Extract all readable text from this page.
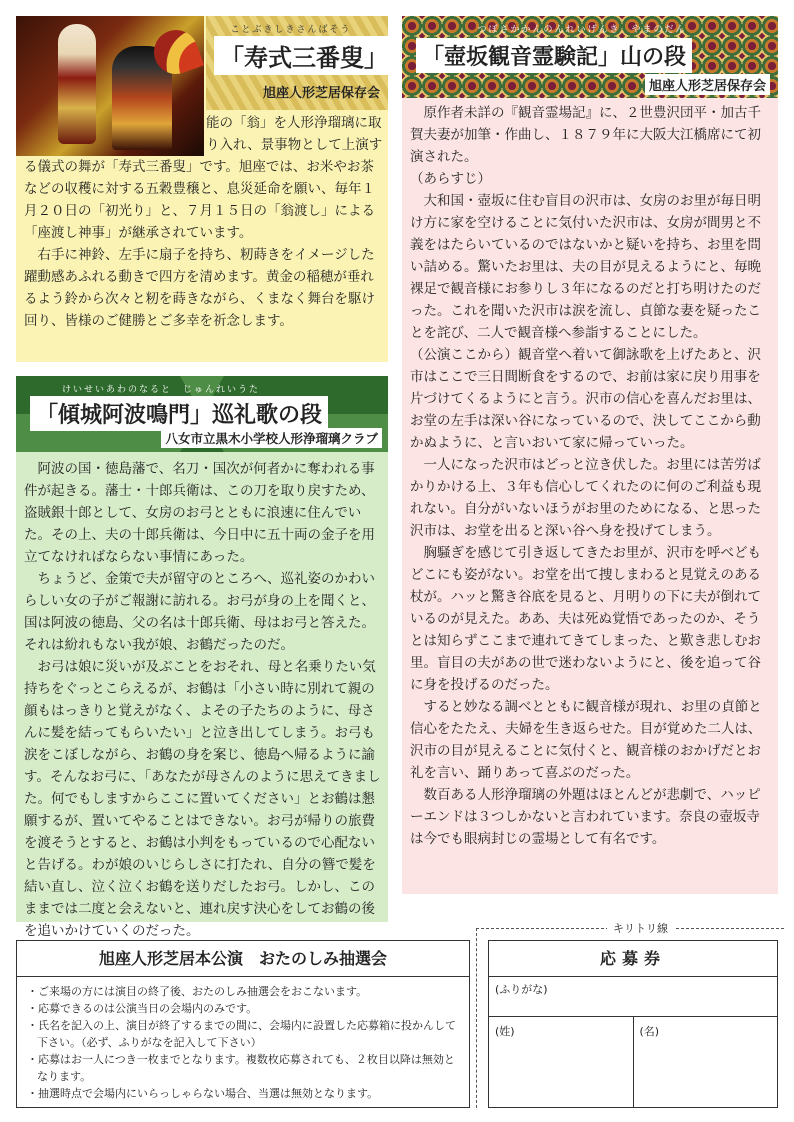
ことぶきしきさんばそう
「寿式三番叟」
旭座人形芝居保存会

能の「翁」を人形浄瑠璃に取り入れ、景事物として上演する儀式の舞が「寿式三番叟」です。旭座では、お米やお茶などの収穫に対する五穀豊穣と、息災延命を願い、毎年１月２０日の「初光り」と、７月１５日の「翁渡し」による「座渡し神事」が継承されています。

右手に神鈴、左手に扇子を持ち、籾蒔きをイメージした躍動感あふれる動きで四方を清めます。黄金の稲穂が垂れるよう鈴から次々と籾を蒔きながら、くまなく舞台を駆け回り、皆様のご健勝とご多幸を祈念します。

けいせいあわのなると　じゅんれいうた
「傾城阿波鳴門」巡礼歌の段
八女市立黒木小学校人形浄瑠璃クラブ

阿波の国・徳島藩で、名刀・国次が何者かに奪われる事件が起きる。藩士・十郎兵衛は、この刀を取り戻すため、盗賊銀十郎として、女房のお弓とともに浪速に住んでいた。その上、夫の十郎兵衛は、今日中に五十両の金子を用立てなければならない事情にあった。

ちょうど、金策で夫が留守のところへ、巡礼姿のかわいらしい女の子がご報謝に訪れる。お弓が身の上を聞くと、国は阿波の徳島、父の名は十郎兵衛、母はお弓と答えた。それは紛れもない我が娘、お鶴だったのだ。

お弓は娘に災いが及ぶことをおそれ、母と名乗りたい気持ちをぐっとこらえるが、お鶴は「小さい時に別れて親の顔もはっきりと覚えがなく、よその子たちのように、母さんに髪を結ってもらいたい」と泣き出してしまう。お弓も涙をこぼしながら、お鶴の身を案じ、徳島へ帰るように諭す。そんなお弓に、「あなたが母さんのように思えてきました。何でもしますからここに置いてください」とお鶴は懇願するが、置いてやることはできない。お弓が帰りの旅費を渡そうとすると、お鶴は小判をもっているので心配ないと告げる。わが娘のいじらしさに打たれ、自分の簪で髪を結い直し、泣く泣くお鶴を送りだしたお弓。しかし、このままでは二度と会えないと、連れ戻す決心をしてお鶴の後を追いかけていくのだった。

つぼさかかんのんれいげんき　やまのだん
「壺坂観音霊験記」山の段
旭座人形芝居保存会

原作者未詳の『観音霊場記』に、２世豊沢団平・加古千賀夫妻が加筆・作曲し、１８７９年に大阪大江橋席にて初演された。

（あらすじ）

大和国・壺坂に住む盲目の沢市は、女房のお里が毎日明け方に家を空けることに気付いた沢市は、女房が間男と不義をはたらいているのではないかと疑いを持ち、お里を問い詰める。驚いたお里は、夫の目が見えるようにと、毎晩裸足で観音様にお参りし３年になるのだと打ち明けたのだった。これを聞いた沢市は涙を流し、貞節な妻を疑ったことを詫び、二人で観音様へ参詣することにした。

（公演ここから）観音堂へ着いて御詠歌を上げたあと、沢市はここで三日間断食をするので、お前は家に戻り用事を片づけてくるようにと言う。沢市の信心を喜んだお里は、お堂の左手は深い谷になっているので、決してここから動かぬように、と言いおいて家に帰っていった。

一人になった沢市はどっと泣き伏した。お里には苦労ばかりかける上、３年も信心してくれたのに何のご利益も現れない。自分がいないほうがお里のためになる、と思った沢市は、お堂を出ると深い谷へ身を投げてしまう。

胸騒ぎを感じて引き返してきたお里が、沢市を呼べどもどこにも姿がない。お堂を出て捜しまわると見覚えのある杖が。ハッと驚き谷底を見ると、月明りの下に夫が倒れているのが見えた。ああ、夫は死ぬ覚悟であったのか、そうとは知らずここまで連れてきてしまった、と歎き悲しむお里。盲目の夫があの世で迷わないようにと、後を追って谷に身を投げるのだった。

すると妙なる調べとともに観音様が現れ、お里の貞節と信心をたたえ、夫婦を生き返らせた。目が覚めた二人は、沢市の目が見えることに気付くと、観音様のおかげだとお礼を言い、踊りあって喜ぶのだった。

数百ある人形浄瑠璃の外題はほとんどが悲劇で、ハッピーエンドは３つしかないと言われています。奈良の壺坂寺は今でも眼病封じの霊場として有名です。

キリトリ線
旭座人形芝居本公演　おたのしみ抽選会
・ご来場の方には演目の終了後、おたのしみ抽選会をおこないます。
・応募できるのは公演当日の会場内のみです。
・氏名を記入の上、演目が終了するまでの間に、会場内に設置した応募箱に投かんして下さい。（必ず、ふりがなを記入して下さい）
・応募はお一人につき一枚までとなります。複数枚応募されても、２枚目以降は無効となります。
・抽選時点で会場内にいらっしゃらない場合、当選は無効となります。
応募券
(ふりがな)
(姓)	(名)
